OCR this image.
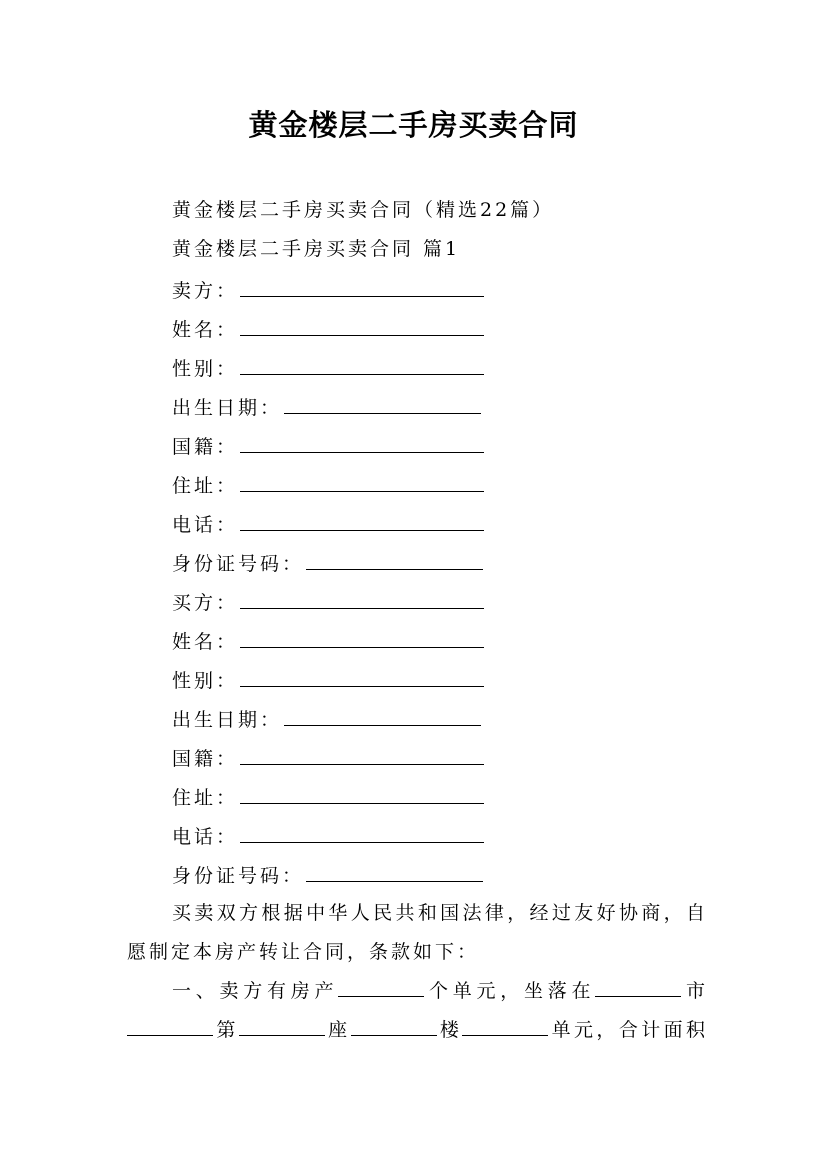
黄金楼层二手房买卖合同
黄金楼层二手房买卖合同（精选22篇）
黄金楼层二手房买卖合同 篇1
卖方：
姓名：
性别：
出生日期：
国籍：
住址：
电话：
身份证号码：
买方：
姓名：
性别：
出生日期：
国籍：
住址：
电话：
身份证号码：
买卖双方根据中华人民共和国法律，经过友好协商，自
愿制定本房产转让合同，条款如下：
一、卖方有房产	个单元，坐落在	市
第	座	楼	单元，合计面积
